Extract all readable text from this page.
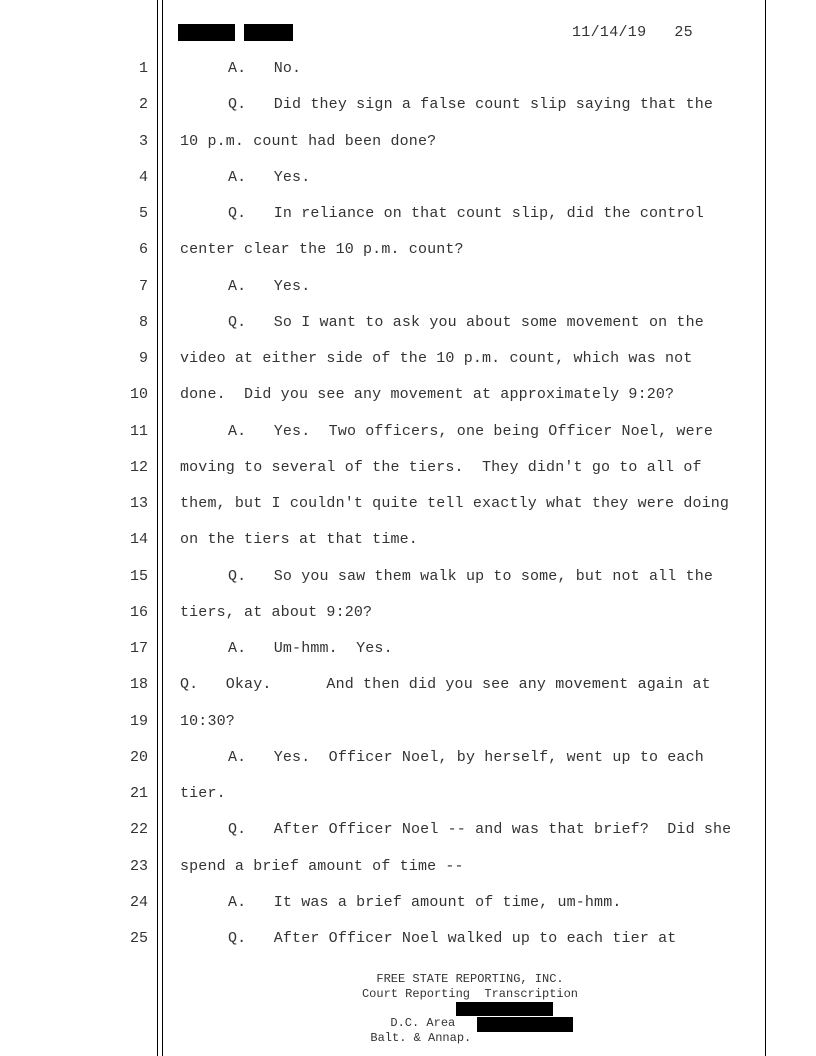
11/14/19 25
1	A.   No.
2	Q.   Did they sign a false count slip saying that the
3 10 p.m. count had been done?
4	A.   Yes.
5	Q.   In reliance on that count slip, did the control
6 center clear the 10 p.m. count?
7	A.   Yes.
8	Q.   So I want to ask you about some movement on the
9 video at either side of the 10 p.m. count, which was not
10 done.  Did you see any movement at approximately 9:20?
11	A.   Yes.  Two officers, one being Officer Noel, were
12 moving to several of the tiers.  They didn't go to all of
13 them, but I couldn't quite tell exactly what they were doing
14 on the tiers at that time.
15	Q.   So you saw them walk up to some, but not all the
16 tiers, at about 9:20?
17	A.   Um-hmm.  Yes.
18 Q.   Okay.      And then did you see any movement again at
19 10:30?
20	A.   Yes.  Officer Noel, by herself, went up to each
21 tier.
22	Q.   After Officer Noel -- and was that brief?  Did she
23 spend a brief amount of time --
24	A.   It was a brief amount of time, um-hmm.
25	Q.   After Officer Noel walked up to each tier at
FREE STATE REPORTING, INC.
Court Reporting  Transcription

D.C. Area

Balt. & Annap.
